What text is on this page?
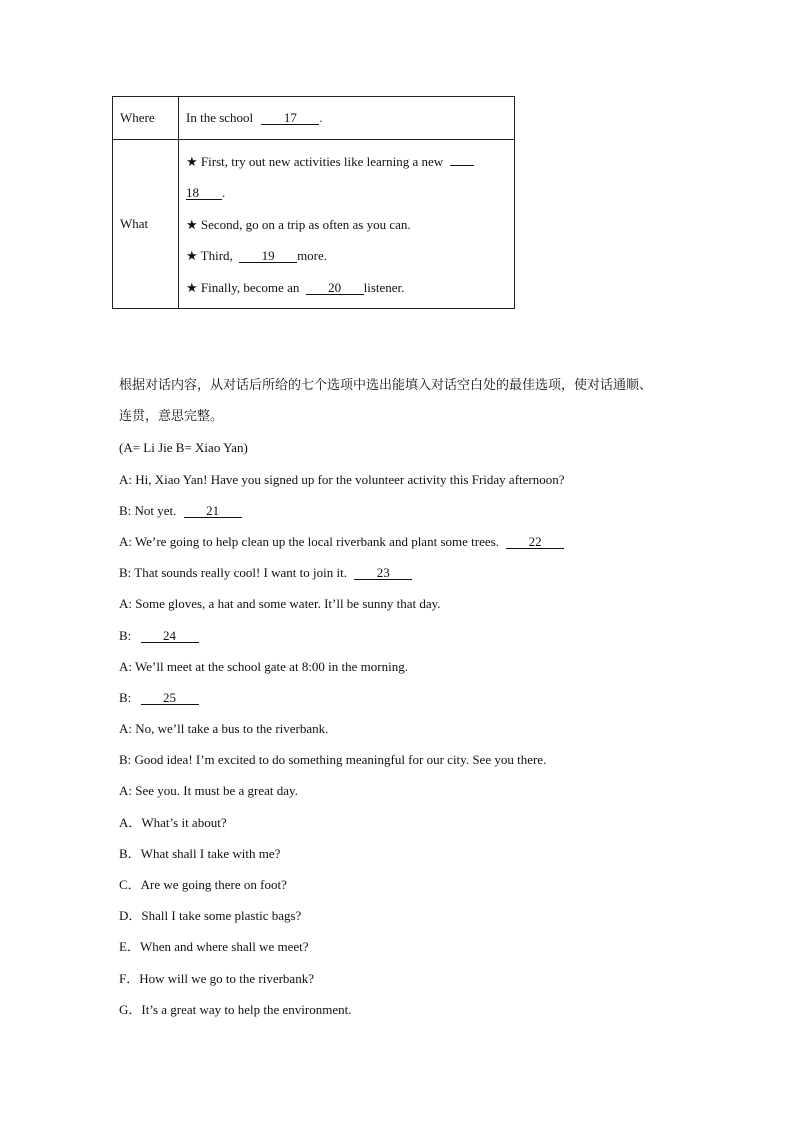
Where	In the school 17 .
What	★ First, try out new activities like learning a new
18 .
★ Second, go on a trip as often as you can.
★ Third, 19 more.
★ Finally, become an 20 listener.
根据对话内容，从对话后所给的七个选项中选出能填入对话空白处的最佳选项，使对话通顺、
连贯，意思完整。
(A= Li Jie B= Xiao Yan)
A: Hi, Xiao Yan! Have you signed up for the volunteer activity this Friday afternoon?
B: Not yet. 21
A: We’re going to help clean up the local riverbank and plant some trees. 22
B: That sounds really cool! I want to join it. 23
A: Some gloves, a hat and some water. It’ll be sunny that day.
B: 24
A: We’ll meet at the school gate at 8:00 in the morning.
B: 25
A: No, we’ll take a bus to the riverbank.
B: Good idea! I’m excited to do something meaningful for our city. See you there.
A: See you. It must be a great day.
A．What’s it about?
B．What shall I take with me?
C．Are we going there on foot?
D．Shall I take some plastic bags?
E．When and where shall we meet?
F．How will we go to the riverbank?
G．It’s a great way to help the environment.
